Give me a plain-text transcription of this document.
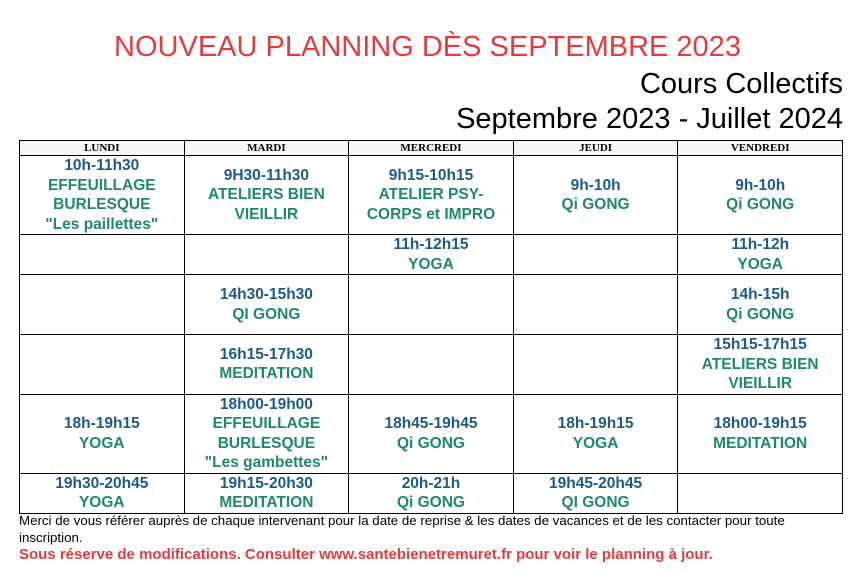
NOUVEAU PLANNING DÈS SEPTEMBRE 2023
Cours Collectifs
Septembre 2023 - Juillet 2024
LUNDI	MARDI	MERCREDI	JEUDI	VENDREDI

10h-11h30
EFFEUILLAGE
BURLESQUE
"Les paillettes"	9H30-11h30
ATELIERS BIEN
VIEILLIR	9h15-10h15
ATELIER PSY-
CORPS et IMPRO	9h-10h
Qi GONG	9h-10h
Qi GONG

		11h-12h15
YOGA		11h-12h
YOGA

	14h30-15h30
QI GONG			14h-15h
Qi GONG

	16h15-17h30
MEDITATION			15h15-17h15
ATELIERS BIEN
VIEILLIR

18h-19h15
YOGA	18h00-19h00
EFFEUILLAGE
BURLESQUE
"Les gambettes"	18h45-19h45
Qi GONG	18h-19h15
YOGA	18h00-19h15
MEDITATION

19h30-20h45
YOGA	19h15-20h30
MEDITATION	20h-21h
Qi GONG	19h45-20h45
QI GONG	

Merci de vous référer auprès de chaque intervenant pour la date de reprise & les dates de vacances et de les contacter pour toute inscription.
Sous réserve de modifications. Consulter www.santebienetremuret.fr pour voir le planning à jour.
